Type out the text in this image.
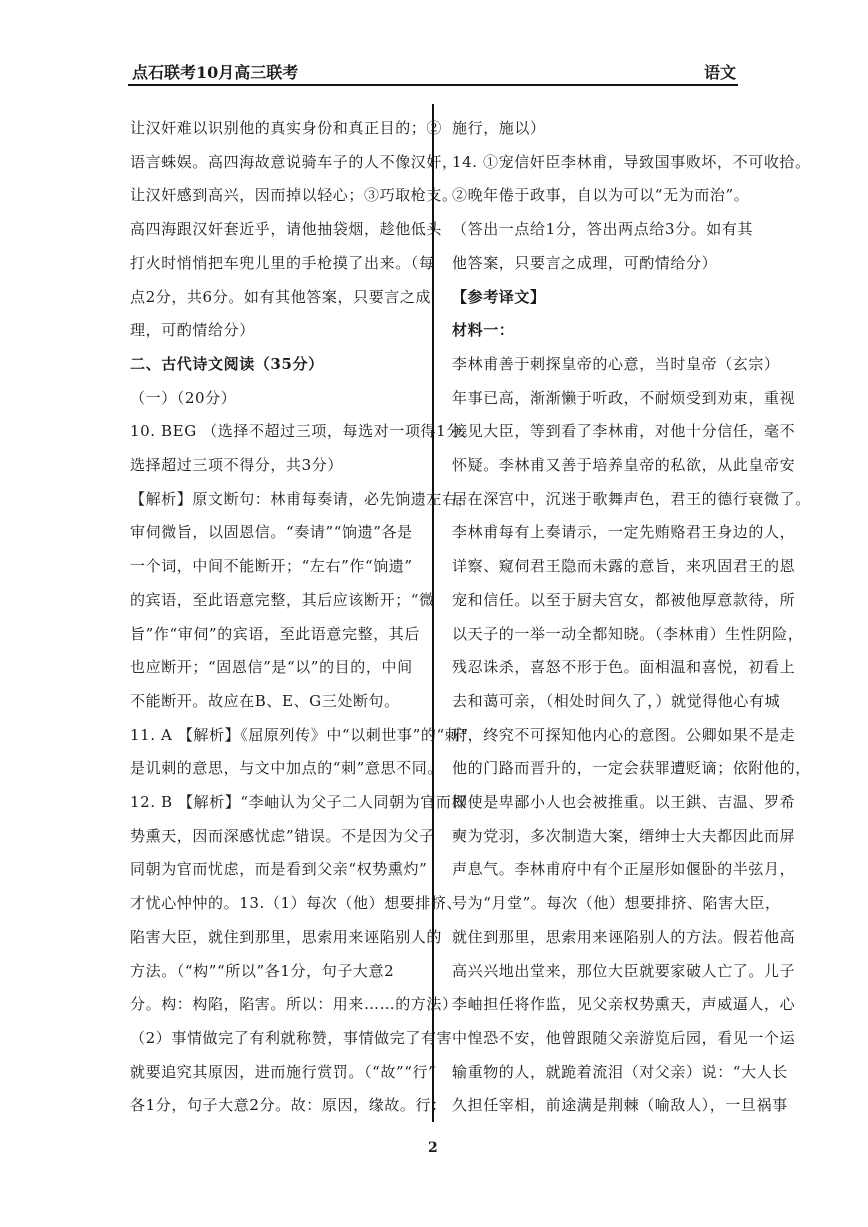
点石联考10月高三联考	语文
让汉奸难以识别他的真实身份和真正目的；②
语言蛛娱。高四海故意说骑车子的人不像汉奸，
让汉奸感到高兴，因而掉以轻心；③巧取枪支。
高四海跟汉奸套近乎，请他抽袋烟，趁他低头
打火时悄悄把车兜儿里的手枪摸了出来。（每
点2分，共6分。如有其他答案，只要言之成
理，可酌情给分）
二、古代诗文阅读（35分）
（一）（20分）
10. BEG （选择不超过三项，每选对一项得1分。
选择超过三项不得分，共3分）
【解析】原文断句：林甫每奏请，必先饷遗左右，
审伺微旨，以固恩信。“奏请”“饷遗”各是
一个词，中间不能断开；“左右”作“饷遗”
的宾语，至此语意完整，其后应该断开；“微
旨”作“审伺”的宾语，至此语意完整，其后
也应断开；“固恩信”是“以”的目的，中间
不能断开。故应在B、E、G三处断句。
11. A 【解析】《屈原列传》中“以刺世事”的“刺”
是讥刺的意思，与文中加点的“刺”意思不同。
12. B 【解析】“李岫认为父子二人同朝为官而权
势熏天，因而深感忧虑”错误。不是因为父子
同朝为官而忧虑，而是看到父亲“权势熏灼”
才忧心忡忡的。13.（1）每次（他）想要排挤、
陷害大臣，就住到那里，思索用来诬陷别人的
方法。（“构”“所以”各1分，句子大意2
分。构：构陷，陷害。所以：用来……的方法）
（2）事情做完了有利就称赞，事情做完了有害
就要追究其原因，进而施行赏罚。（“故”“行”
各1分，句子大意2分。故：原因，缘故。行：
施行，施以）
14. ①宠信奸臣李林甫，导致国事败坏，不可收拾。
②晚年倦于政事，自以为可以“无为而治”。
（答出一点给1分，答出两点给3分。如有其
他答案，只要言之成理，可酌情给分）
【参考译文】
材料一：
李林甫善于刺探皇帝的心意，当时皇帝（玄宗）
年事已高，渐渐懒于听政，不耐烦受到劝束，重视
接见大臣，等到看了李林甫，对他十分信任，毫不
怀疑。李林甫又善于培养皇帝的私欲，从此皇帝安
居在深宫中，沉迷于歌舞声色，君王的德行衰微了。
李林甫每有上奏请示，一定先贿赂君王身边的人，
详察、窥伺君王隐而未露的意旨，来巩固君王的恩
宠和信任。以至于厨夫宫女，都被他厚意款待，所
以天子的一举一动全都知晓。（李林甫）生性阴险，
残忍诛杀，喜怒不形于色。面相温和喜悦，初看上
去和蔼可亲，（相处时间久了，）就觉得他心有城
府，终究不可探知他内心的意图。公卿如果不是走
他的门路而晋升的，一定会获罪遭贬谪；依附他的，
即使是卑鄙小人也会被推重。以王鉷、吉温、罗希
奭为党羽，多次制造大案，缙绅士大夫都因此而屏
声息气。李林甫府中有个正屋形如偃卧的半弦月，
号为“月堂”。每次（他）想要排挤、陷害大臣，
就住到那里，思索用来诬陷别人的方法。假若他高
高兴兴地出堂来，那位大臣就要家破人亡了。儿子
李岫担任将作监，见父亲权势熏天，声威逼人，心
中惶恐不安，他曾跟随父亲游览后园，看见一个运
输重物的人，就跪着流泪（对父亲）说：“大人长
久担任宰相，前途满是荆棘（喻敌人），一旦祸事
2
